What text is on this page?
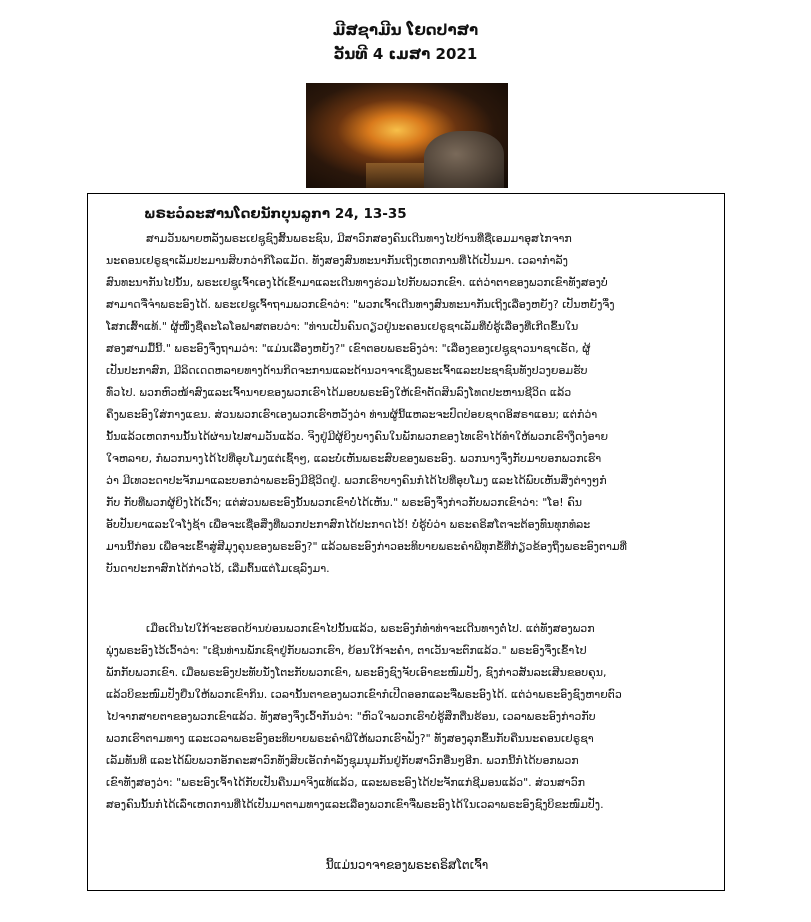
ມີສຊາມີນ ໂຍດປາສາ
ວັນທີ 4 ເມສາ 2021
ພຣະວໍລະສານໂດຍນັກບຸນລູກາ 24, 13-35
ສາມວັນພາຍຫລັງພຣະເຢຊູຊົງສິ້ນພຣະຊົນ, ມີສາວົກສອງຄົນເດີນທາງໄປບ້ານທີ່ຊື່ເອມມາອຸສໄກຈາກ
ນະຄອນເຢຣູຊາເລັມປະມານສິບກວ່າກິໂລແມັດ. ທັງສອງສົນທະນາກັນເຖິງເຫດການທີ່ໄດ້ເປັນມາ. ເວລາກຳລັງ
ສົນທະນາກັນໄປນັ້ນ, ພຣະເຢຊູເຈົ້າເອງໄດ້ເຂົ້າມາແລະເດີນທາງຮ່ວມໄປກັບພວກເຂົາ. ແຕ່ວ່າຕາຂອງພວກເຂົາທັງສອງບໍ່
ສາມາດຈື່ຈຳພຣະອົງໄດ້. ພຣະເຢຊູເຈົ້າຖາມພວກເຂົາວ່າ: "ພວກເຈົ້າເດີນທາງສົນທະນາກັນເຖິງເລື່ອງຫຍັງ? ເປັນຫຍັງຈຶ່ງ
ໂສກເສົ້າແທ້." ຜູ້ໜຶ່ງຊື່ຄະໂລໂອຟາສຕອບວ່າ: "ທ່ານເປັນຄົນດຽວຢູ່ນະຄອນເຢຣູຊາເລັມທີ່ບໍ່ຮູ້ເລື່ອງທີ່ເກີດຂຶ້ນໃນ
ສອງສາມມື້ນີ້." ພຣະອົງຈຶ່ງຖາມວ່າ: "ແມ່ນເລື່ອງຫຍັງ?" ເຂົາຕອບພຣະອົງວ່າ: "ເລື່ອງຂອງເຢຊູຊາວນາຊາເຣັດ, ຜູ້
ເປັນປະກາສົກ, ມີລິດເດດຫລາຍທາງດ້ານກິດຈະການແລະດ້ານວາຈາເຊິ່ງພຣະເຈົ້າແລະປະຊາຊົນທັງປວງຍອມຮັບ
ທົ່ວໄປ. ພວກຫົວໜ້າສົງແລະເຈົ້ານາຍຂອງພວກເຮົາໄດ້ມອບພຣະອົງໃຫ້ເຂົາຕັດສິນລົງໂທດປະຫານຊີວິດ ແລ້ວ
ຄຶງພຣະອົງໃສ່ກາງແຂນ. ສ່ວນພວກເຮົາເອງພວກເຮົາຫວັງວ່າ ທ່ານຜູ້ນີ້ແຫລະຈະປົດປ່ອຍຊາດອິສຣາແອນ; ແຕ່ກໍວ່າ
ນັ້ນແລ້ວເຫດການນັ້ນໄດ້ຜ່ານໄປສາມວັນແລ້ວ. ຈິງຢູ່ມີຜູ້ຍິງບາງຄົນໃນພັກພວກຂອງໄທເຮົາໄດ້ທຳໃຫ້ພວກເຮົາງຶດງໍອາຍ
ໃຈຫລາຍ, ກໍພວກນາງໄດ້ໄປທີ່ອຸບໂມງແຕ່ເຊົ້າໆ, ແລະບໍ່ເຫັນພຣະສົບຂອງພຣະອົງ. ພວກນາງຈຶ່ງກັບມາບອກພວກເຮົາ
ວ່າ ມີເທວະດາປະຈັກມາແລະບອກວ່າພຣະອົງມີຊີວິດຢູ່. ພວກເຮົາບາງຄົນກໍໄດ້ໄປທີ່ອຸບໂມງ ແລະໄດ້ພົບເຫັນສິ່ງຕ່າງໆກໍ
ກັບ ກັບທີ່ພວກຜູ້ຍິງໄດ້ເວົ້າ; ແຕ່ສ່ວນພຣະອົງນັ້ນພວກເຂົາບໍ່ໄດ້ເຫັນ." ພຣະອົງຈຶ່ງກ່າວກັບພວກເຂົາວ່າ: "ໂອ! ຄົນ
ອັບປັນຍາແລະໃຈໂງ່ຊ້າ ເພື່ອຈະເຊື່ອສິ່ງທີ່ພວກປະກາສົກໄດ້ປະກາດໄວ້! ບໍ່ຮູ້ບໍວ່າ ພຣະຄຣິສໂຕຈະຕ້ອງທົນທຸກທໍລະ
ມານນີ້ກ່ອນ ເພື່ອຈະເຂົ້າສູ່ສີມຸງຄຸນຂອງພຣະອົງ?" ແລ້ວພຣະອົງກ່າວອະທິບາຍພຣະຄຳພີທຸກຂໍ້ທີ່ກ່ຽວຂ້ອງຖຶງພຣະອົງຕາມທີ່
ບັນດາປະກາສົກໄດ້ກ່າວໄວ້, ເລີ່ມຕົ້ນແຕ່ໂມເຊລົງມາ.
ເມື່ອເດີນໄປໃກ້ຈະຮອດບ້ານບ່ອນພວກເຂົາໄປນັ້ນແລ້ວ, ພຣະອົງກໍທຳທ່າຈະເດີນທາງຕໍ່ໄປ. ແຕ່ທັງສອງພວກ
ພຸ່ງພຣະອົງໄວ້ເວົ້າວ່າ: "ເຊີນທ່ານພັກເຊົາຢູ່ກັບພວກເຮົາ, ຍ້ອນໃກ້ຈະຄ່ຳ, ຕາເວັນຈະຕົກແລ້ວ." ພຣະອົງຈຶ່ງເຂົ້າໄປ
ພັກກັບພວກເຂົາ. ເມື່ອພຣະອົງປະທັບນັ່ງໂຕະກັບພວກເຂົາ, ພຣະອົງຊົງຈັບເອົາຂະໜົມປັງ, ຊົງກ່າວສັນລະເສີນຂອບຄຸນ,
ແລ້ວບິຂະໜົມປັງຍື່ນໃຫ້ພວກເຂົາກິນ. ເວລານັ້ນຕາຂອງພວກເຂົາກໍເປີດອອກແລະຈື່ພຣະອົງໄດ້. ແຕ່ວ່າພຣະອົງຊົງຫາຍຕົວ
ໄປຈາກສາຍຕາຂອງພວກເຂົາແລ້ວ. ທັງສອງຈຶ່ງເວົ້າກັນວ່າ: "ຫົວໃຈພວກເຮົາບໍ່ຮູ້ສຶກຕື່ນຮ້ອນ, ເວລາພຣະອົງກ່າວກັບ
ພວກເຮົາຕາມທາງ ແລະເວລາພຣະອົງອະທິບາຍພຣະຄຳພີໃຫ້ພວກເຮົາຟັງ?" ທັງສອງລຸກຂຶ້ນກັບຄືນນະຄອນເຢຣູຊາ
ເລັມທັນທີ ແລະໄດ້ພົບພວກອັກຄະສາວົກທັງສິບເອັດກຳລັງຊຸມນຸມກັນຢູ່ກັບສາວົກອື່ນໆອີກ. ພວກນີ້ກໍໄດ້ບອກພວກ
ເຂົາທັງສອງວ່າ: "ພຣະອົງເຈົ້າໄດ້ກັບເປັນຄືນມາຈິງແທ້ແລ້ວ, ແລະພຣະອົງໄດ້ປະຈັກແກ່ຊີມອນແລ້ວ". ສ່ວນສາວົກ
ສອງຄົນນັ້ນກໍໄດ້ເລົ່າເຫດການທີ່ໄດ້ເປັນມາຕາມທາງແລະເລື່ອງພວກເຂົາຈື່ພຣະອົງໄດ້ໃນເວລາພຣະອົງຊົງບິຂະໜົມປັງ.
ນີ້ແມ່ນວາຈາຂອງພຣະຄຣິສໂຕເຈົ້າ
